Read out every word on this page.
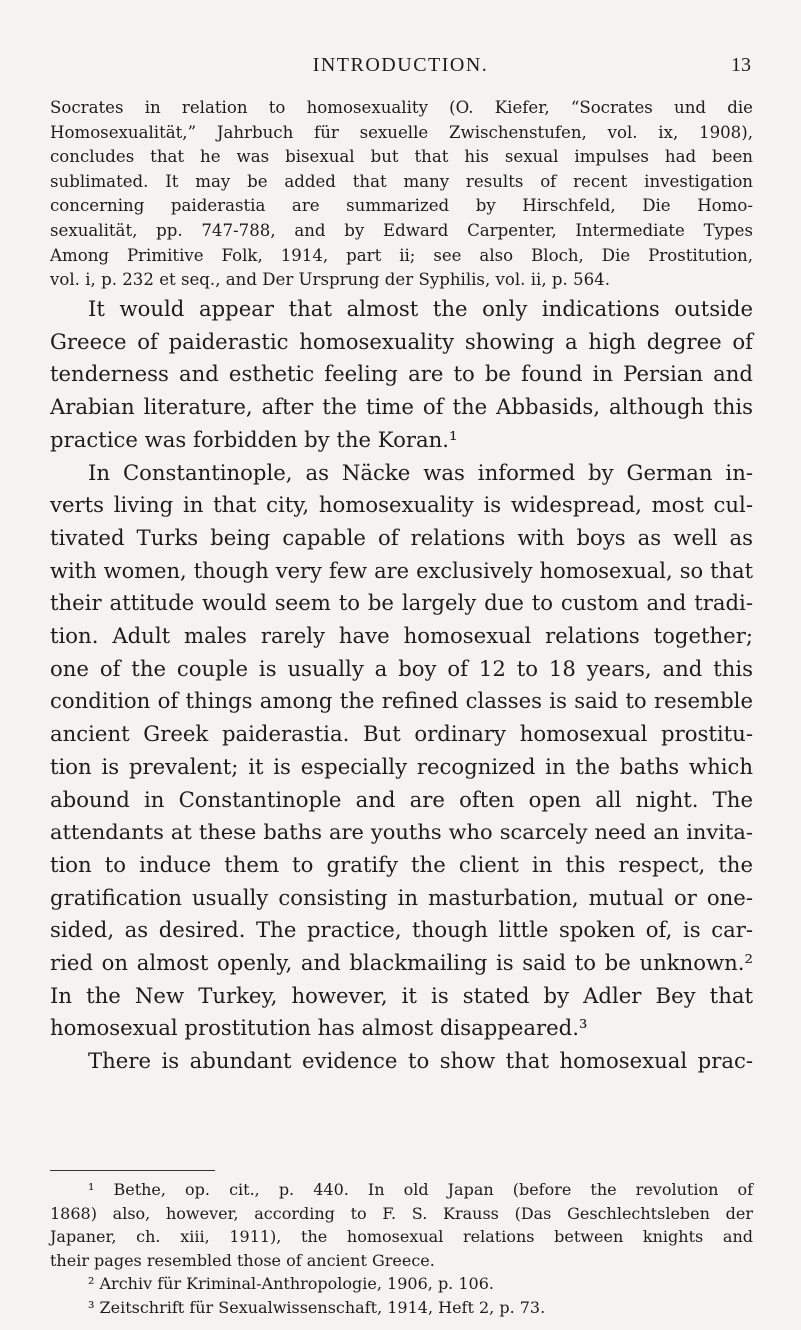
INTRODUCTION.	13
Socrates in relation to homosexuality (O. Kiefer, “Socrates und die
Homosexualität,” Jahrbuch für sexuelle Zwischenstufen, vol. ix, 1908),
concludes that he was bisexual but that his sexual impulses had been
sublimated. It may be added that many results of recent investigation
concerning paiderastia are summarized by Hirschfeld, Die Homo-
sexualität, pp. 747-788, and by Edward Carpenter, Intermediate Types
Among Primitive Folk, 1914, part ii; see also Bloch, Die Prostitution,
vol. i, p. 232 et seq., and Der Ursprung der Syphilis, vol. ii, p. 564.
It would appear that almost the only indications outside
Greece of paiderastic homosexuality showing a high degree of
tenderness and esthetic feeling are to be found in Persian and
Arabian literature, after the time of the Abbasids, although this
practice was forbidden by the Koran.¹
In Constantinople, as Näcke was informed by German in-
verts living in that city, homosexuality is widespread, most cul-
tivated Turks being capable of relations with boys as well as
with women, though very few are exclusively homosexual, so that
their attitude would seem to be largely due to custom and tradi-
tion. Adult males rarely have homosexual relations together;
one of the couple is usually a boy of 12 to 18 years, and this
condition of things among the refined classes is said to resemble
ancient Greek paiderastia. But ordinary homosexual prostitu-
tion is prevalent; it is especially recognized in the baths which
abound in Constantinople and are often open all night. The
attendants at these baths are youths who scarcely need an invita-
tion to induce them to gratify the client in this respect, the
gratification usually consisting in masturbation, mutual or one-
sided, as desired. The practice, though little spoken of, is car-
ried on almost openly, and blackmailing is said to be unknown.²
In the New Turkey, however, it is stated by Adler Bey that
homosexual prostitution has almost disappeared.³
There is abundant evidence to show that homosexual prac-
¹ Bethe, op. cit., p. 440. In old Japan (before the revolution of
1868) also, however, according to F. S. Krauss (Das Geschlechtsleben der
Japaner, ch. xiii, 1911), the homosexual relations between knights and
their pages resembled those of ancient Greece.
² Archiv für Kriminal-Anthropologie, 1906, p. 106.
³ Zeitschrift für Sexualwissenschaft, 1914, Heft 2, p. 73.
